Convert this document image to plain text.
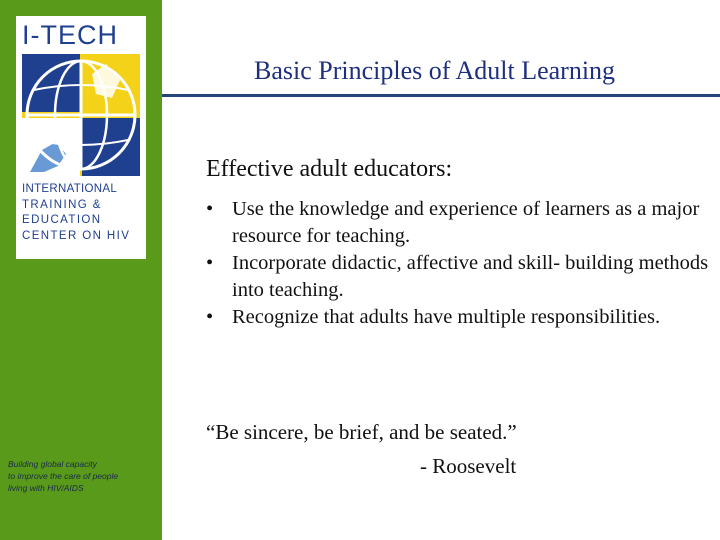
I-TECH
INTERNATIONAL
TRAINING &
EDUCATION
CENTER ON HIV
Building global capacity
to improve the care of people
living with HIV/AIDS
Basic Principles of Adult Learning
Effective adult educators:
• Use the knowledge and experience of learners as a major resource for teaching.
• Incorporate didactic, affective and skill- building methods into teaching.
• Recognize that adults have multiple responsibilities.
“Be sincere, be brief, and be seated.”
- Roosevelt
